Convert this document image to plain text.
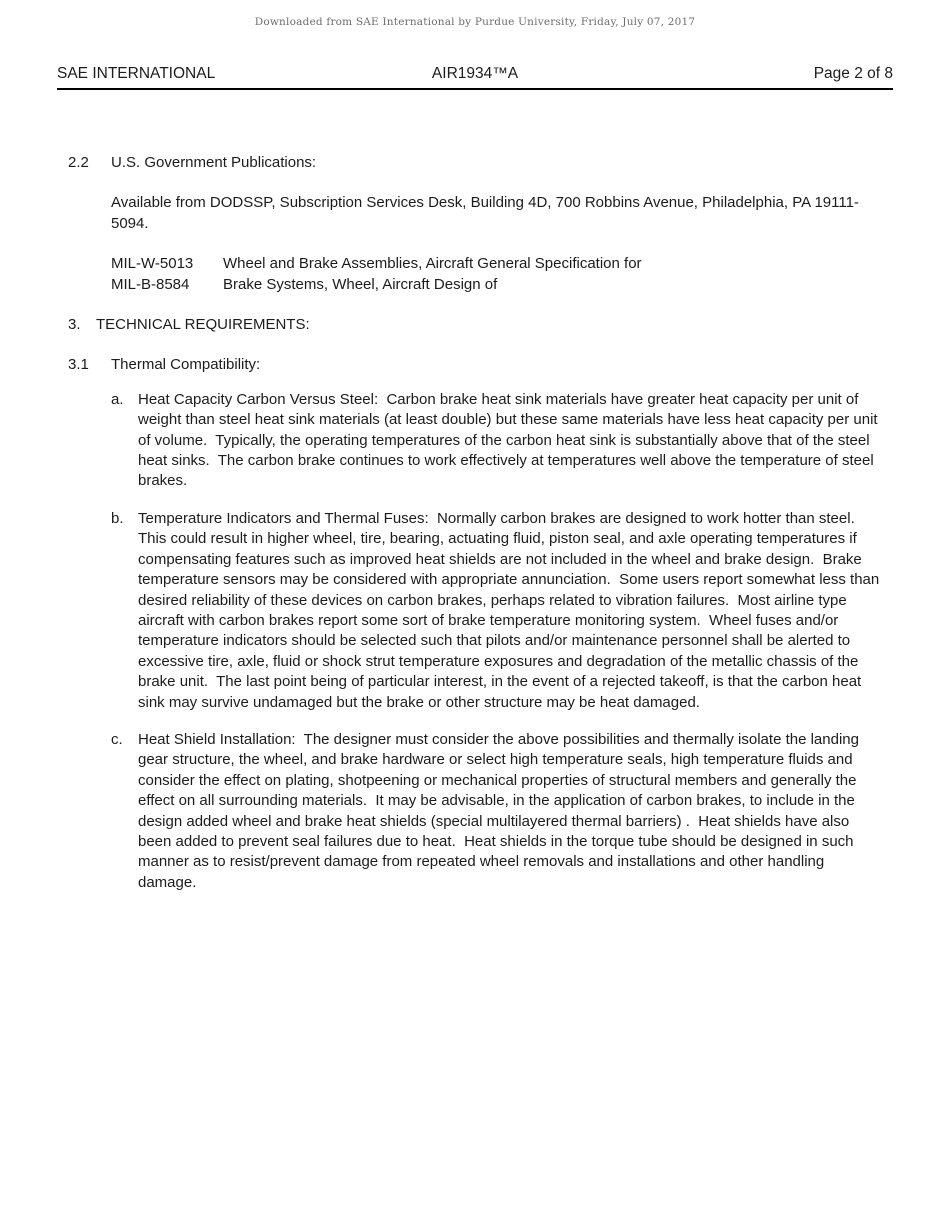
Downloaded from SAE International by Purdue University, Friday, July 07, 2017
SAE INTERNATIONAL	AIR1934™A	Page 2 of 8
2.2	U.S. Government Publications:

Available from DODSSP, Subscription Services Desk, Building 4D, 700 Robbins Avenue, Philadelphia, PA 19111-5094.

MIL-W-5013	Wheel and Brake Assemblies, Aircraft General Specification for
MIL-B-8584	Brake Systems, Wheel, Aircraft Design of
3.	TECHNICAL REQUIREMENTS:
3.1	Thermal Compatibility:
a. Heat Capacity Carbon Versus Steel:  Carbon brake heat sink materials have greater heat capacity per unit of weight than steel heat sink materials (at least double) but these same materials have less heat capacity per unit of volume.  Typically, the operating temperatures of the carbon heat sink is substantially above that of the steel heat sinks.  The carbon brake continues to work effectively at temperatures well above the temperature of steel brakes.

b. Temperature Indicators and Thermal Fuses:  Normally carbon brakes are designed to work hotter than steel.  This could result in higher wheel, tire, bearing, actuating fluid, piston seal, and axle operating temperatures if compensating features such as improved heat shields are not included in the wheel and brake design.  Brake temperature sensors may be considered with appropriate annunciation.  Some users report somewhat less than desired reliability of these devices on carbon brakes, perhaps related to vibration failures.  Most airline type aircraft with carbon brakes report some sort of brake temperature monitoring system.  Wheel fuses and/or temperature indicators should be selected such that pilots and/or maintenance personnel shall be alerted to excessive tire, axle, fluid or shock strut temperature exposures and degradation of the metallic chassis of the brake unit.  The last point being of particular interest, in the event of a rejected takeoff, is that the carbon heat sink may survive undamaged but the brake or other structure may be heat damaged.

c.	Heat Shield Installation:  The designer must consider the above possibilities and thermally isolate the landing gear structure, the wheel, and brake hardware or select high temperature seals, high temperature fluids and consider the effect on plating, shotpeening or mechanical properties of structural members and generally the effect on all surrounding materials.  It may be advisable, in the application of carbon brakes, to include in the design added wheel and brake heat shields (special multilayered thermal barriers) .  Heat shields have also been added to prevent seal failures due to heat.  Heat shields in the torque tube should be designed in such manner as to resist/prevent damage from repeated wheel removals and installations and other handling damage.
